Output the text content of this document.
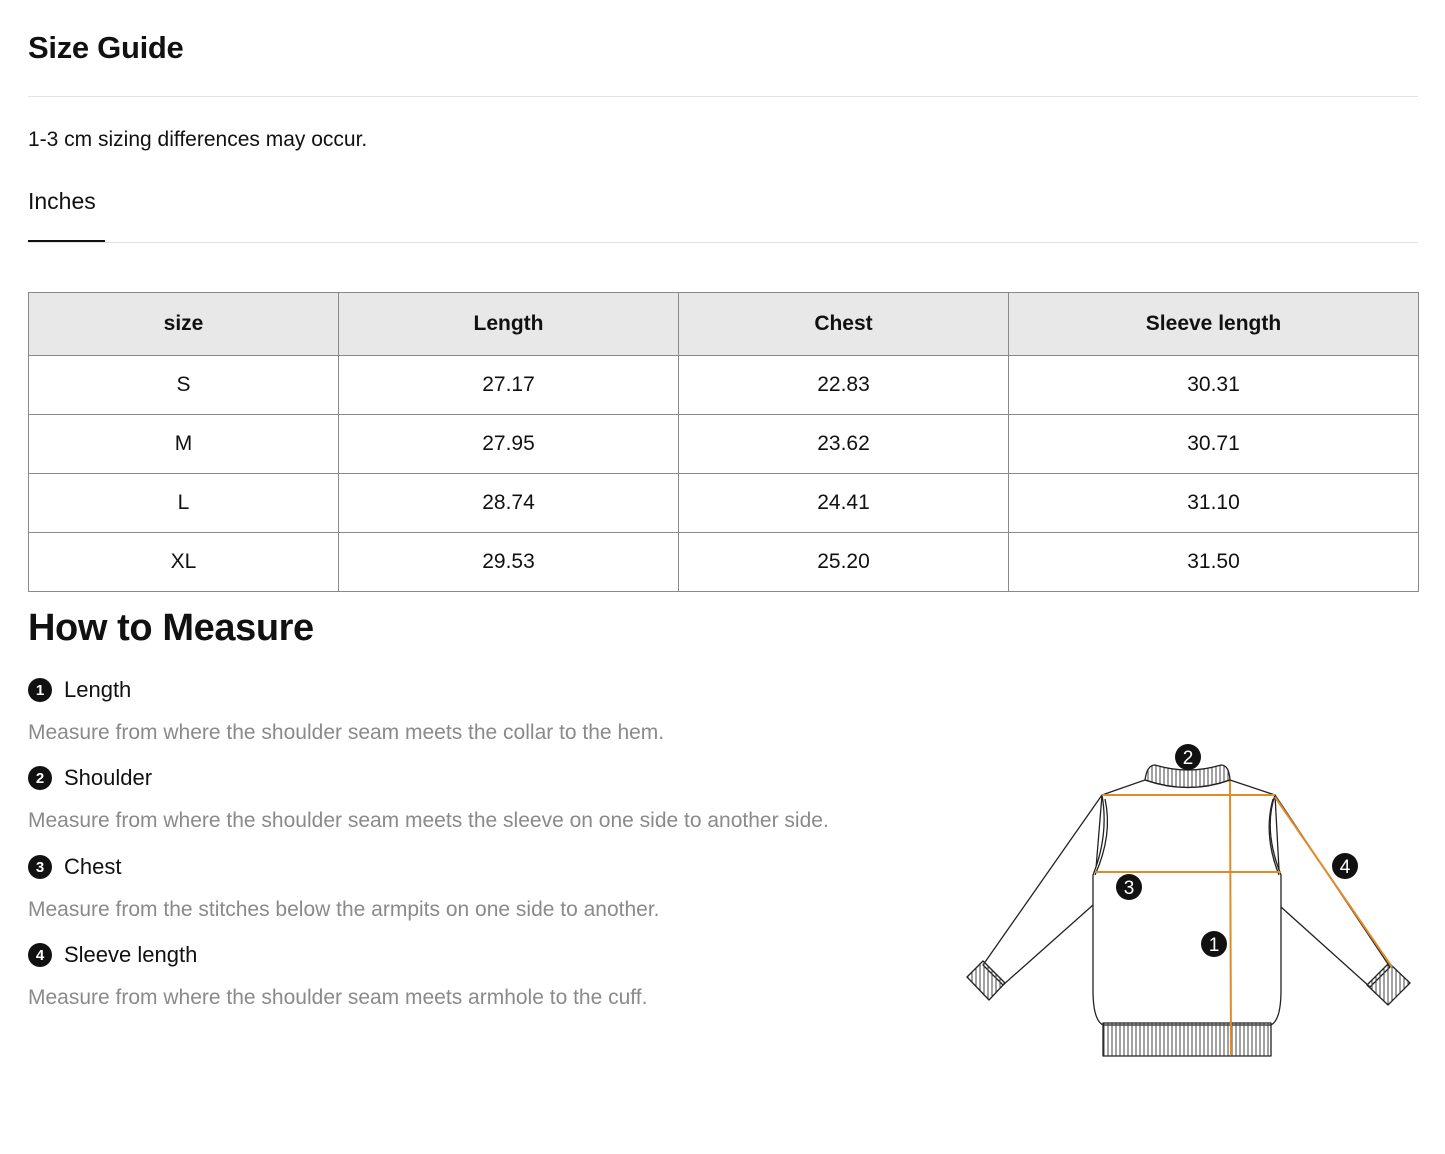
Size Guide
1-3 cm sizing differences may occur.
Inches
size	Length	Chest	Sleeve length
S	27.17	22.83	30.31
M	27.95	23.62	30.71
L	28.74	24.41	31.10
XL	29.53	25.20	31.50
How to Measure
1 Length
Measure from where the shoulder seam meets the collar to the hem.
2 Shoulder
Measure from where the shoulder seam meets the sleeve on one side to another side.
3 Chest
Measure from the stitches below the armpits on one side to another.
4 Sleeve length
Measure from where the shoulder seam meets armhole to the cuff.
2
3
1
4
